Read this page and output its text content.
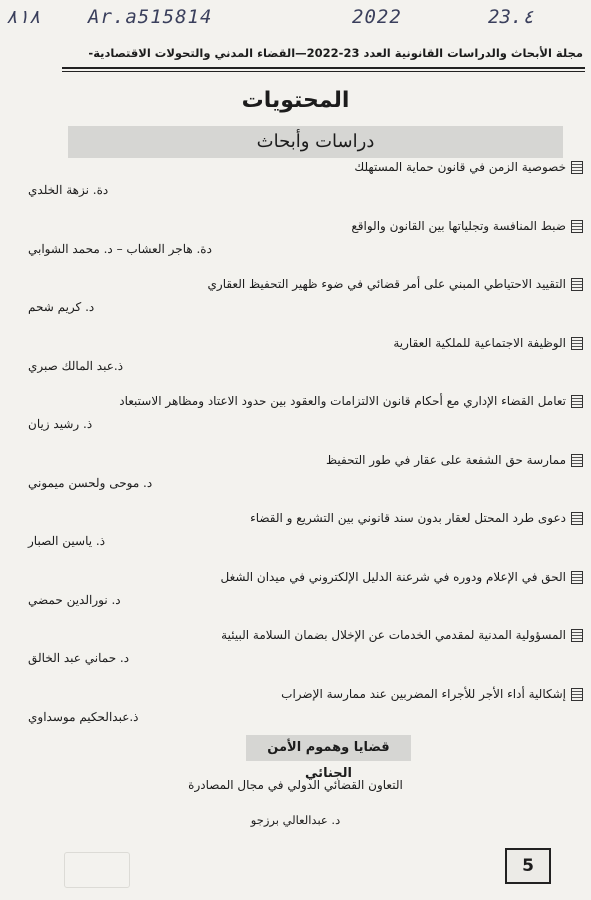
٨١٨	Ar.a515814	2022	23.٤
مجلة الأبحاث والدراسات القانونية العدد 23-2022—القضاء المدني والتحولات الاقتصادية-
المحتويات
دراسات وأبحاث
خصوصية الزمن في قانون حماية المستهلك
دة. نزهة الخلدي
ضبط المنافسة وتجلياتها بين القانون والواقع
دة. هاجر العشاب – د. محمد الشوابي
التقييد الاحتياطي المبني على أمر قضائي في ضوء ظهير التحفيظ العقاري
د. كريم شحم
الوظيفة الاجتماعية للملكية العقارية
ذ.عبد المالك صبري
تعامل القضاء الإداري مع أحكام قانون الالتزامات والعقود بين حدود الاعتاد ومظاهر الاستبعاد
ذ. رشيد زيان
ممارسة حق الشفعة على عقار في طور التحفيظ
د. موحى ولحسن ميموني
دعوى طرد المحتل لعقار بدون سند قانوني بين التشريع و القضاء
ذ. ياسين الصبار
الحق في الإعلام ودوره في شرعنة الدليل الإلكتروني في ميدان الشغل
د. نورالدين حمضي
المسؤولية المدنية لمقدمي الخدمات عن الإخلال بضمان السلامة البيئية
د. حماني عبد الخالق
إشكالية أداء الأجر للأجراء المضربين عند ممارسة الإضراب
ذ.عبدالحكيم موسداوي
قضايا وهموم الأمن الجنائي
التعاون القضائي الدولي في مجال المصادرة
د. عبدالعالي برزجو
5
